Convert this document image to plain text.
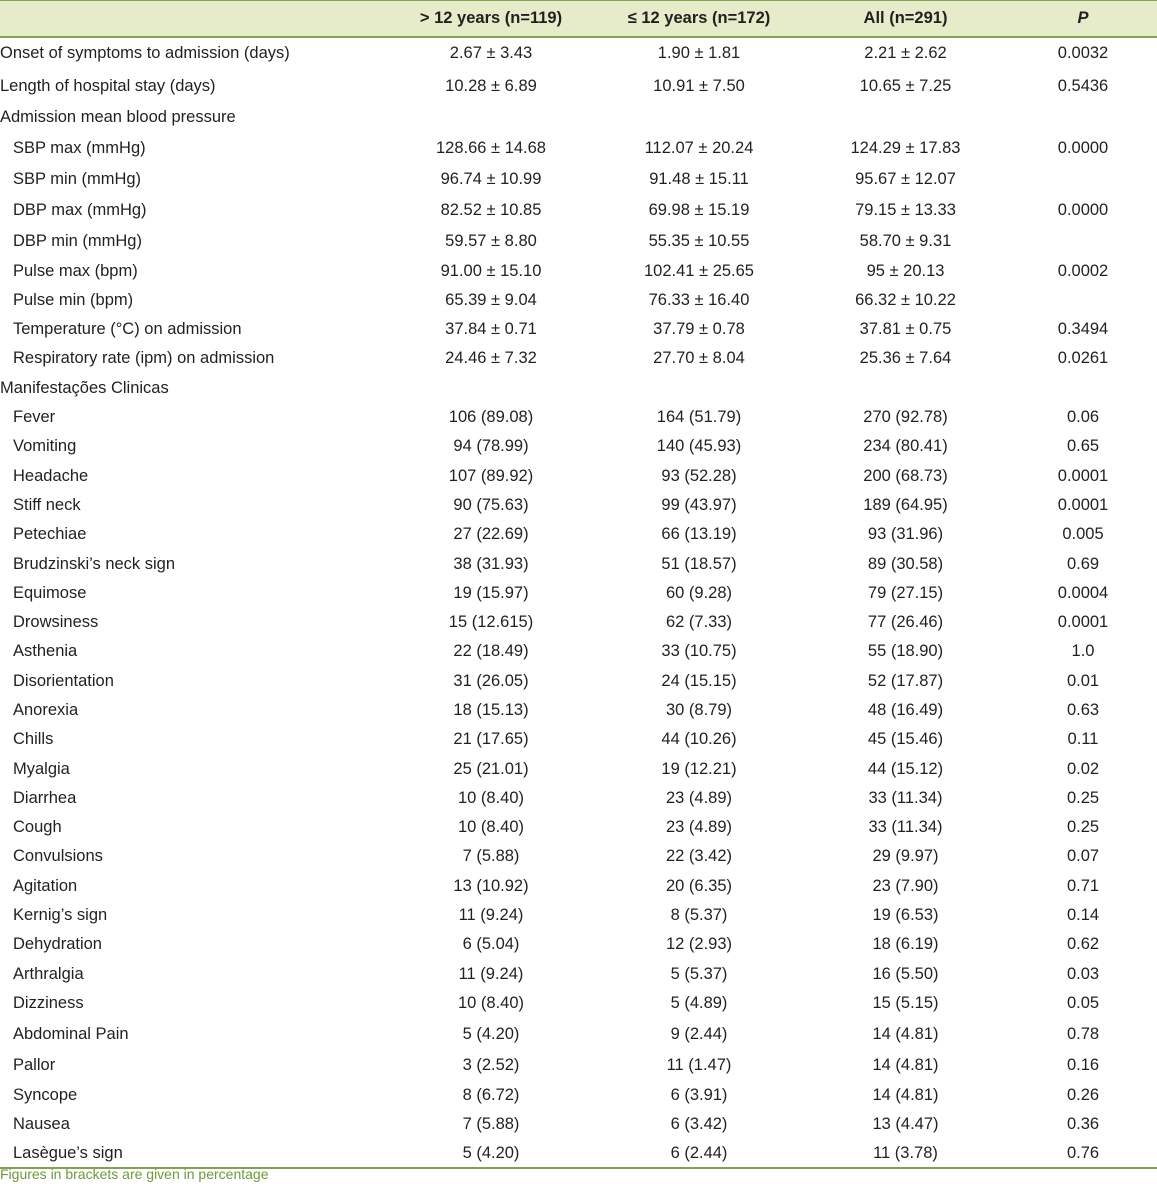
	> 12 years (n=119)	≤ 12 years (n=172)	All (n=291)	P
Onset of symptoms to admission (days)	2.67 ± 3.43	1.90 ± 1.81	2.21 ± 2.62	0.0032
Length of hospital stay (days)	10.28 ± 6.89	10.91 ± 7.50	10.65 ± 7.25	0.5436
Admission mean blood pressure				
SBP max (mmHg)	128.66 ± 14.68	112.07 ± 20.24	124.29 ± 17.83	0.0000
SBP min (mmHg)	96.74 ± 10.99	91.48 ± 15.11	95.67 ± 12.07	
DBP max (mmHg)	82.52 ± 10.85	69.98 ± 15.19	79.15 ± 13.33	0.0000
DBP min (mmHg)	59.57 ± 8.80	55.35 ± 10.55	58.70 ± 9.31	
Pulse max (bpm)	91.00 ± 15.10	102.41 ± 25.65	95 ± 20.13	0.0002
Pulse min (bpm)	65.39 ± 9.04	76.33 ± 16.40	66.32 ± 10.22	
Temperature (°C) on admission	37.84 ± 0.71	37.79 ± 0.78	37.81 ± 0.75	0.3494
Respiratory rate (ipm) on admission	24.46 ± 7.32	27.70 ± 8.04	25.36 ± 7.64	0.0261
Manifestações Clinicas				
Fever	106 (89.08)	164 (51.79)	270 (92.78)	0.06
Vomiting	94 (78.99)	140 (45.93)	234 (80.41)	0.65
Headache	107 (89.92)	93 (52.28)	200 (68.73)	0.0001
Stiff neck	90 (75.63)	99 (43.97)	189 (64.95)	0.0001
Petechiae	27 (22.69)	66 (13.19)	93 (31.96)	0.005
Brudzinski’s neck sign	38 (31.93)	51 (18.57)	89 (30.58)	0.69
Equimose	19 (15.97)	60 (9.28)	79 (27.15)	0.0004
Drowsiness	15 (12.615)	62 (7.33)	77 (26.46)	0.0001
Asthenia	22 (18.49)	33 (10.75)	55 (18.90)	1.0
Disorientation	31 (26.05)	24 (15.15)	52 (17.87)	0.01
Anorexia	18 (15.13)	30 (8.79)	48 (16.49)	0.63
Chills	21 (17.65)	44 (10.26)	45 (15.46)	0.11
Myalgia	25 (21.01)	19 (12.21)	44 (15.12)	0.02
Diarrhea	10 (8.40)	23 (4.89)	33 (11.34)	0.25
Cough	10 (8.40)	23 (4.89)	33 (11.34)	0.25
Convulsions	7 (5.88)	22 (3.42)	29 (9.97)	0.07
Agitation	13 (10.92)	20 (6.35)	23 (7.90)	0.71
Kernig’s sign	11 (9.24)	8 (5.37)	19 (6.53)	0.14
Dehydration	6 (5.04)	12 (2.93)	18 (6.19)	0.62
Arthralgia	11 (9.24)	5 (5.37)	16 (5.50)	0.03
Dizziness	10 (8.40)	5 (4.89)	15 (5.15)	0.05
Abdominal Pain	5 (4.20)	9 (2.44)	14 (4.81)	0.78
Pallor	3 (2.52)	11 (1.47)	14 (4.81)	0.16
Syncope	8 (6.72)	6 (3.91)	14 (4.81)	0.26
Nausea	7 (5.88)	6 (3.42)	13 (4.47)	0.36
Lasègue’s sign	5 (4.20)	6 (2.44)	11 (3.78)	0.76
Figures in brackets are given in percentage
